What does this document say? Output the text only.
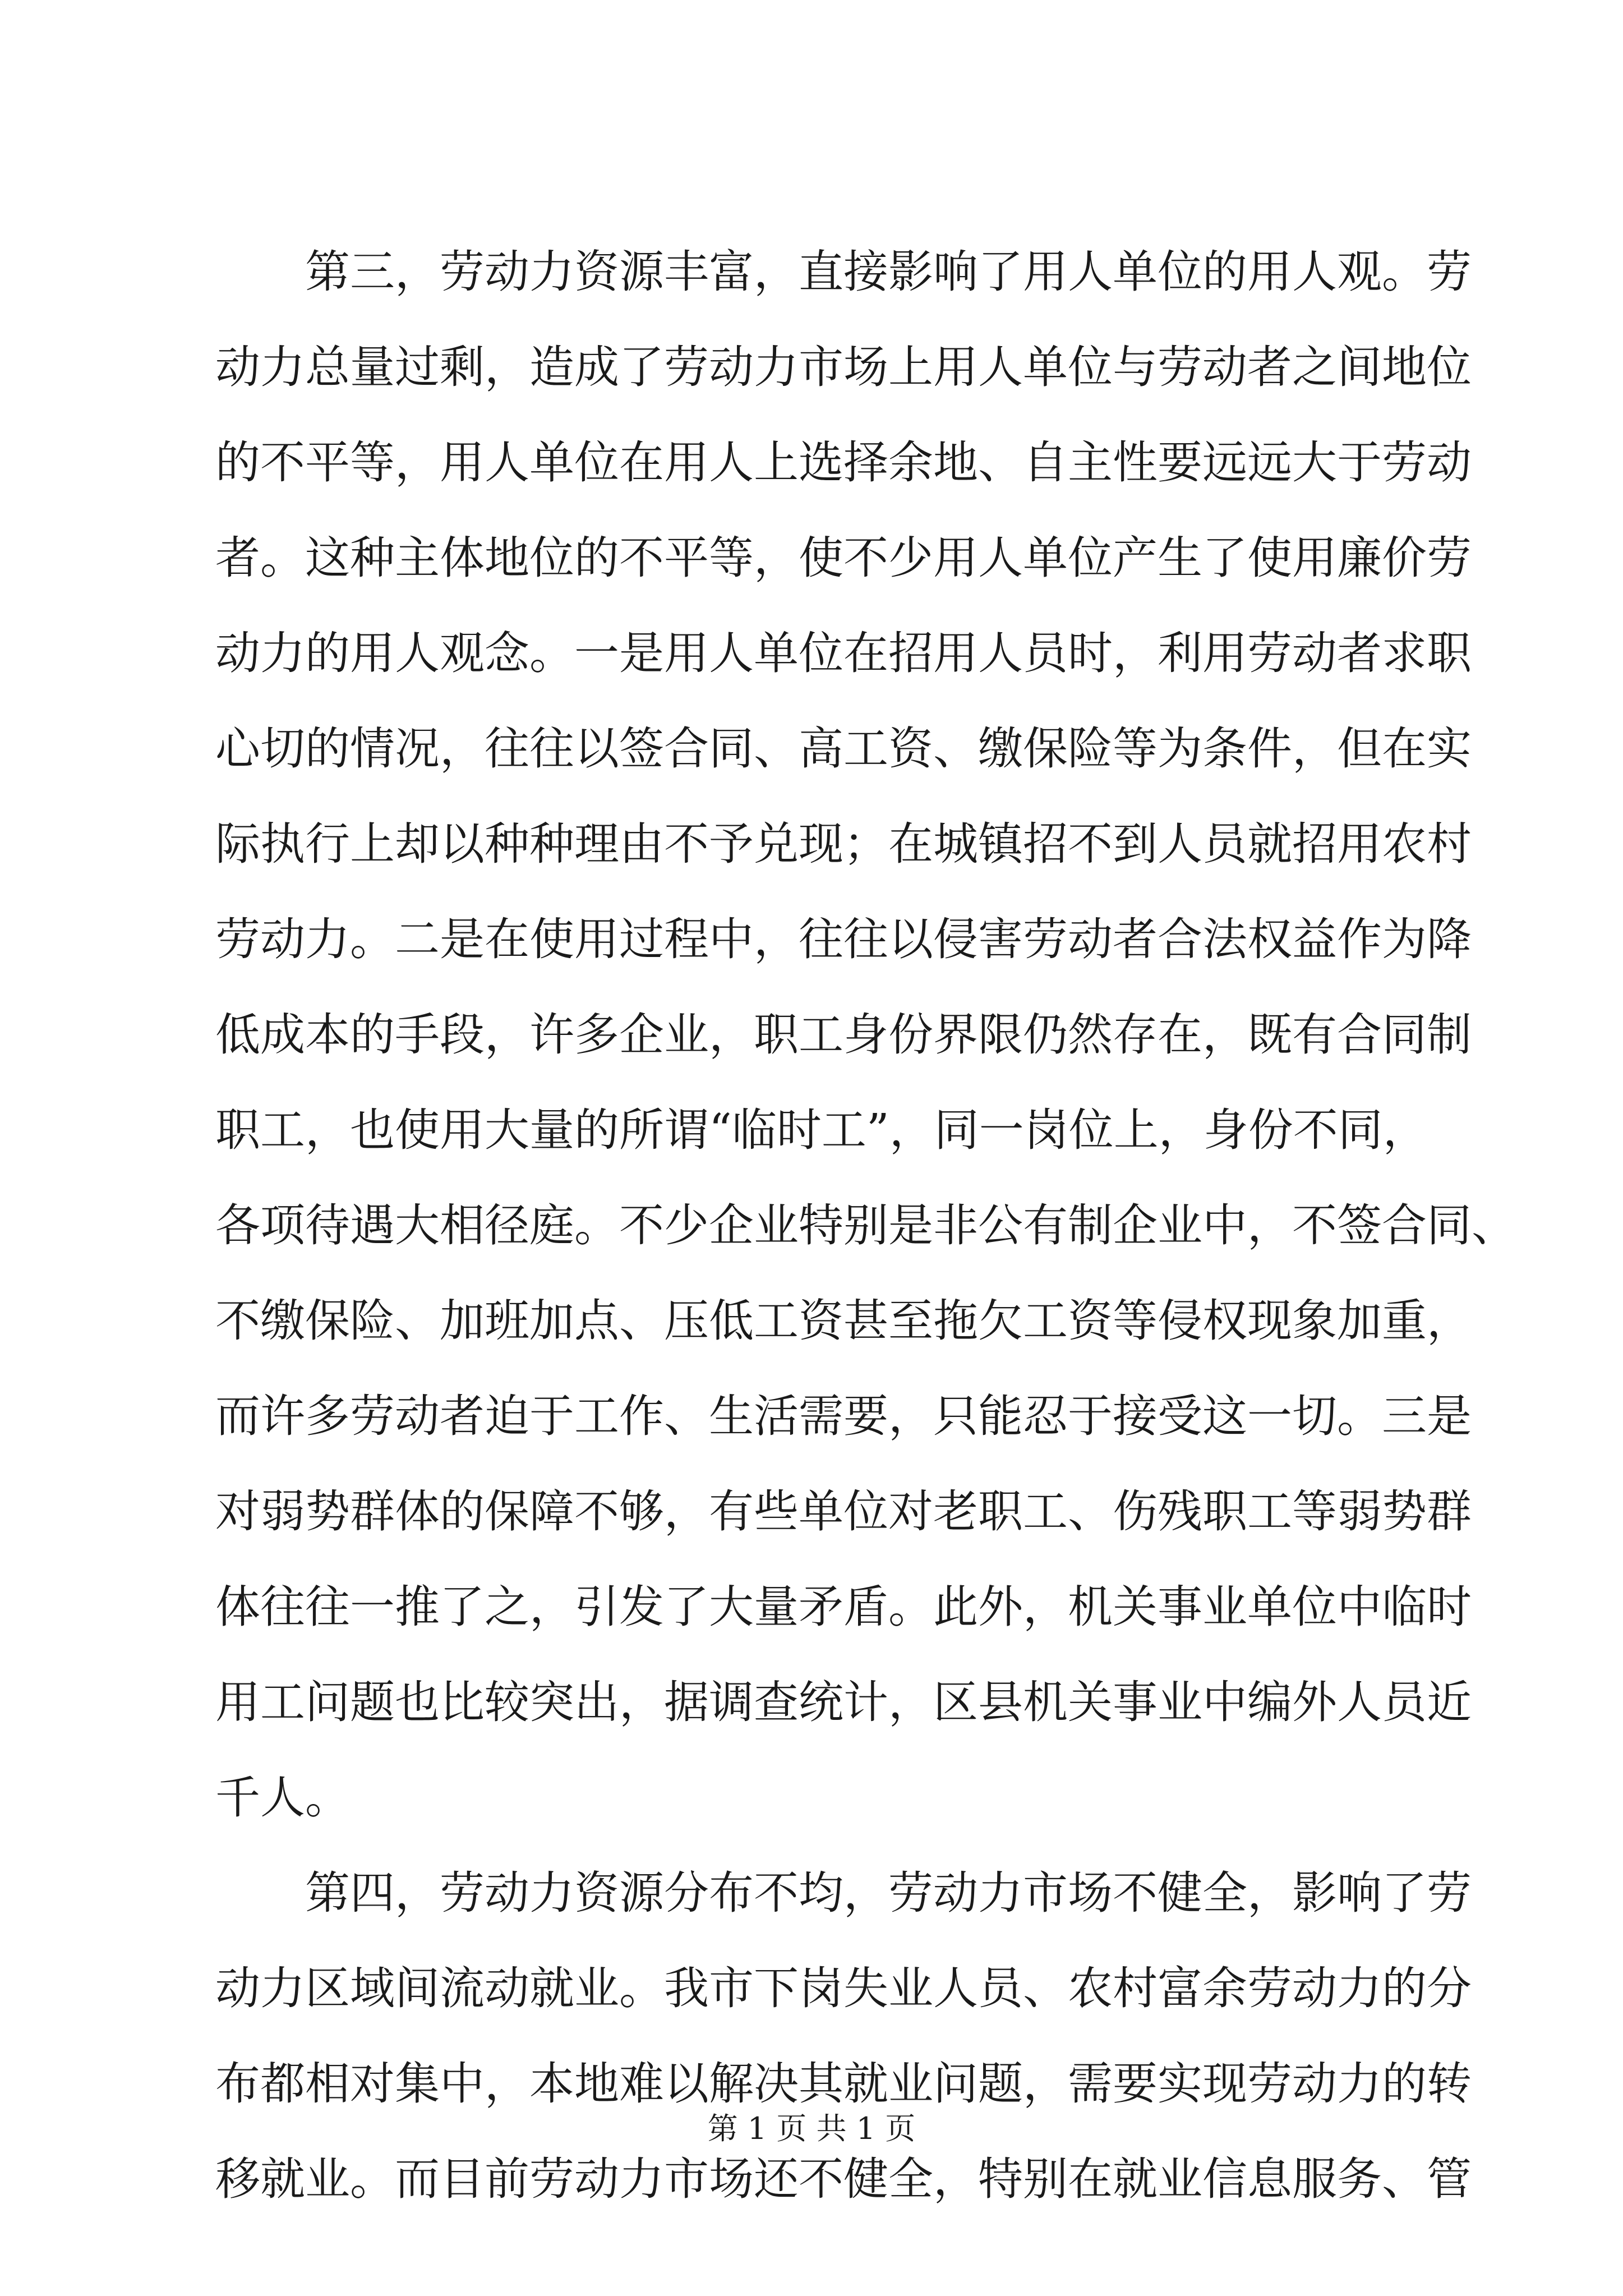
第三，劳动力资源丰富，直接影响了用人单位的用人观。劳
动力总量过剩，造成了劳动力市场上用人单位与劳动者之间地位
的不平等，用人单位在用人上选择余地、自主性要远远大于劳动
者。这种主体地位的不平等，使不少用人单位产生了使用廉价劳
动力的用人观念。一是用人单位在招用人员时，利用劳动者求职
心切的情况，往往以签合同、高工资、缴保险等为条件，但在实
际执行上却以种种理由不予兑现；在城镇招不到人员就招用农村
劳动力。二是在使用过程中，往往以侵害劳动者合法权益作为降
低成本的手段，许多企业，职工身份界限仍然存在，既有合同制
职工，也使用大量的所谓“临时工”，同一岗位上，身份不同，
各项待遇大相径庭。不少企业特别是非公有制企业中，不签合同、
不缴保险、加班加点、压低工资甚至拖欠工资等侵权现象加重，
而许多劳动者迫于工作、生活需要，只能忍于接受这一切。三是
对弱势群体的保障不够，有些单位对老职工、伤残职工等弱势群
体往往一推了之，引发了大量矛盾。此外，机关事业单位中临时
用工问题也比较突出，据调查统计，区县机关事业中编外人员近
千人。
第四，劳动力资源分布不均，劳动力市场不健全，影响了劳
动力区域间流动就业。我市下岗失业人员、农村富余劳动力的分
布都相对集中，本地难以解决其就业问题，需要实现劳动力的转
移就业。而目前劳动力市场还不健全，特别在就业信息服务、管
第 1 页 共 1 页
